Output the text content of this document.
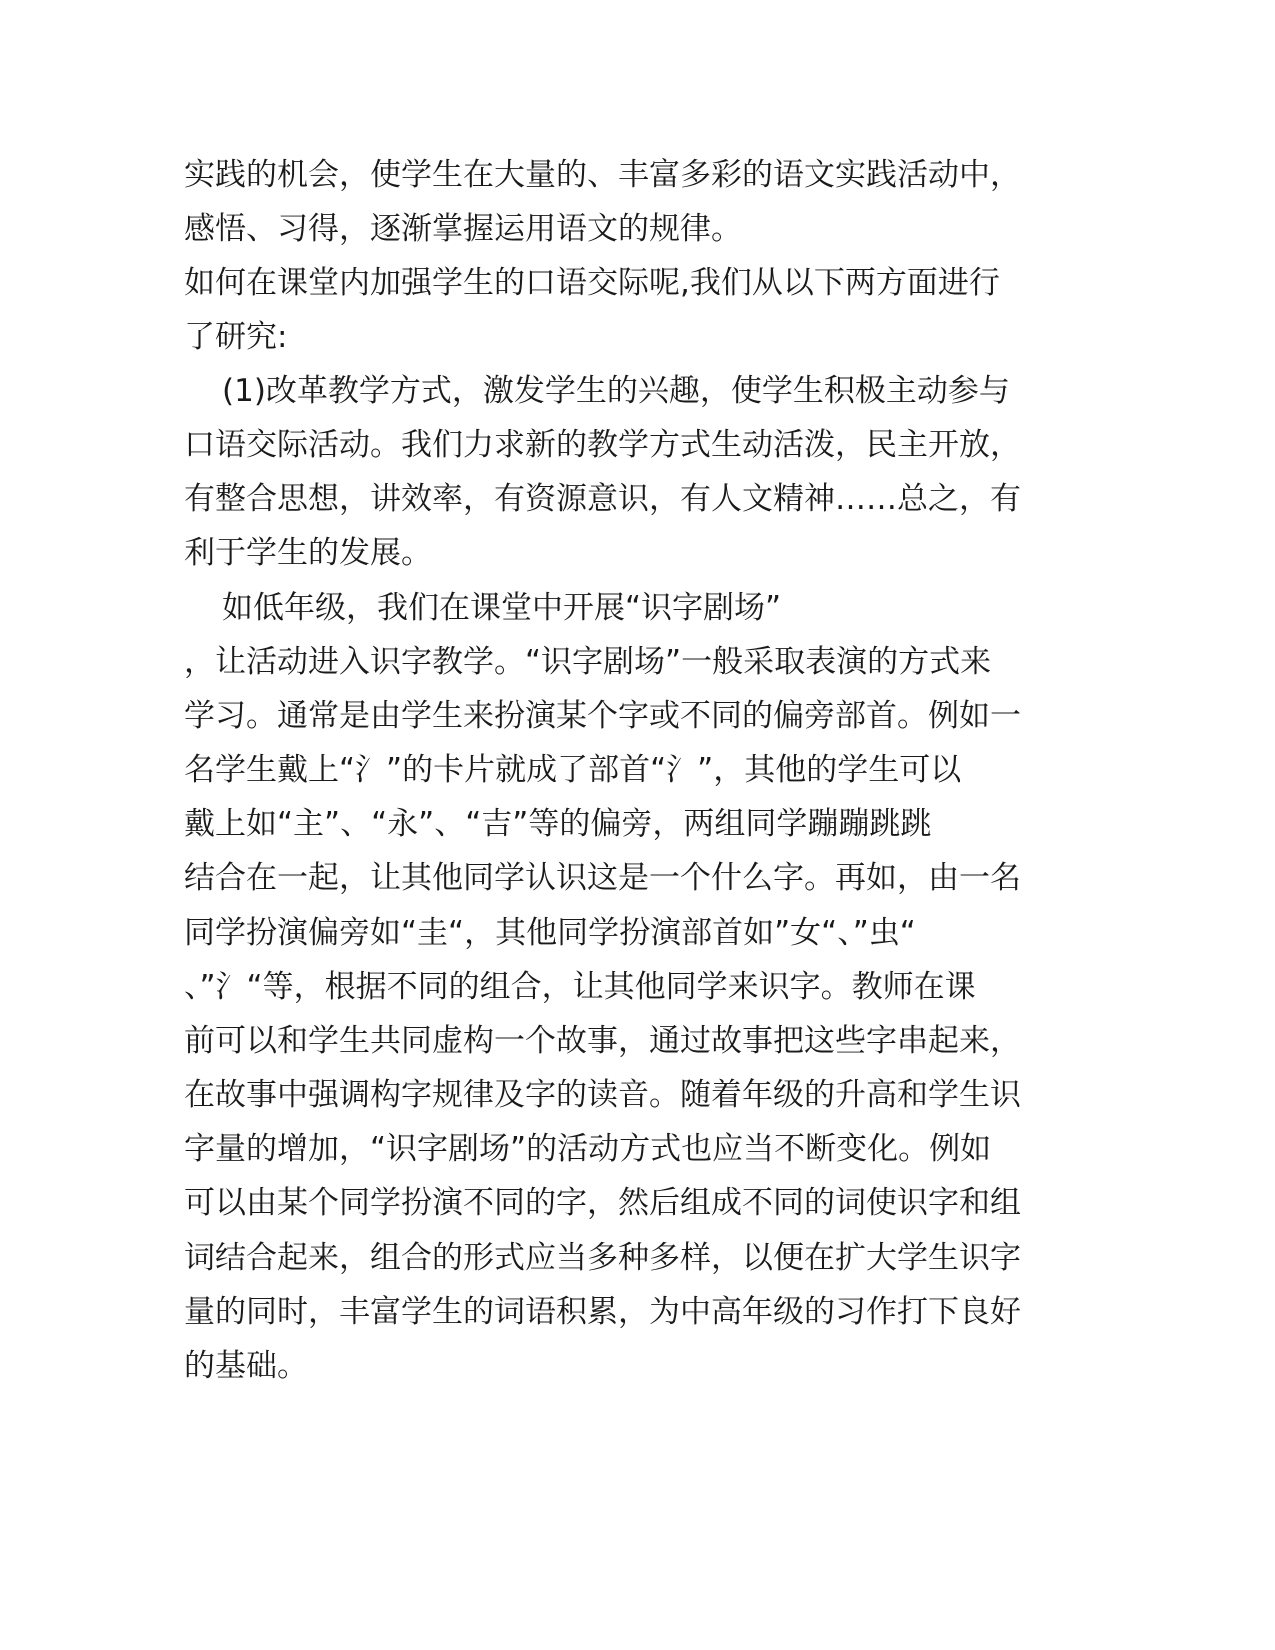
实践的机会，使学生在大量的、丰富多彩的语文实践活动中，
感悟、习得，逐渐掌握运用语文的规律。
如何在课堂内加强学生的口语交际呢,我们从以下两方面进行
了研究:
(1)改革教学方式，激发学生的兴趣，使学生积极主动参与
口语交际活动。我们力求新的教学方式生动活泼，民主开放，
有整合思想，讲效率，有资源意识，有人文精神……总之，有
利于学生的发展。
如低年级，我们在课堂中开展“识字剧场”
，让活动进入识字教学。“识字剧场”一般采取表演的方式来
学习。通常是由学生来扮演某个字或不同的偏旁部首。例如一
名学生戴上“氵”的卡片就成了部首“氵”，其他的学生可以
戴上如“主”、“永”、“吉”等的偏旁，两组同学蹦蹦跳跳
结合在一起，让其他同学认识这是一个什么字。再如，由一名
同学扮演偏旁如“圭“，其他同学扮演部首如”女“、”虫“
、”氵“等，根据不同的组合，让其他同学来识字。教师在课
前可以和学生共同虚构一个故事，通过故事把这些字串起来，
在故事中强调构字规律及字的读音。随着年级的升高和学生识
字量的增加，“识字剧场”的活动方式也应当不断变化。例如
可以由某个同学扮演不同的字，然后组成不同的词使识字和组
词结合起来，组合的形式应当多种多样，以便在扩大学生识字
量的同时，丰富学生的词语积累，为中高年级的习作打下良好
的基础。
